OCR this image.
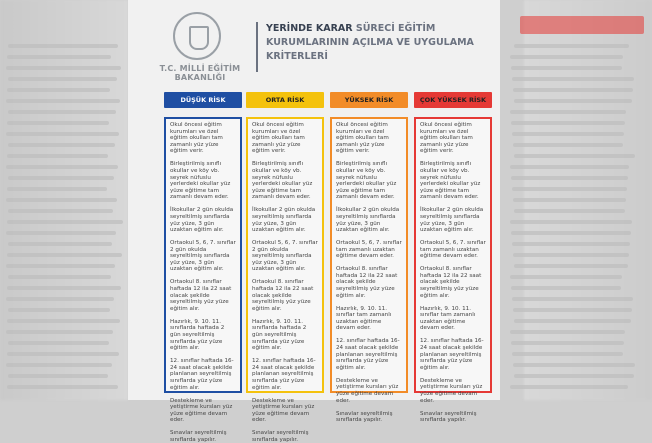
T.C. MİLLİ EĞİTİM BAKANLIĞI
YERİNDE KARAR SÜRECİ EĞİTİM
KURUMLARININ AÇILMA VE UYGULAMA
KRİTERLERİ
DÜŞÜK RİSK
Okul öncesi eğitim kurumları ve özel eğitim okulları tam zamanlı yüz yüze eğitim verir.
Birleştirilmiş sınıflı okullar ve köy vb. seyrek nüfuslu yerlerdeki okullar yüz yüze eğitime tam zamanlı devam eder.
İlkokullar 2 gün okulda seyreltilmiş sınıflarda yüz yüze, 3 gün uzaktan eğitim alır.
Ortaokul 5, 6, 7. sınıflar 2 gün okulda seyreltilmiş sınıflarda yüz yüze, 3 gün uzaktan eğitim alır.
Ortaokul 8. sınıflar haftada 12 ila 22 saat olacak şekilde seyreltilmiş yüz yüze eğitim alır.
Hazırlık, 9. 10. 11. sınıflarda haftada 2 gün seyreltilmiş sınıflarda yüz yüze eğitim alır.
12. sınıflar haftada 16-24 saat olacak şekilde planlanan seyreltilmiş sınıflarda yüz yüze eğitim alır.
Destekleme ve yetiştirme kursları yüz yüze eğitime devam eder.
Sınavlar seyreltilmiş sınıflarda yapılır.
ORTA RİSK
Okul öncesi eğitim kurumları ve özel eğitim okulları tam zamanlı yüz yüze eğitim verir.
Birleştirilmiş sınıflı okullar ve köy vb. seyrek nüfuslu yerlerdeki okullar yüz yüze eğitime tam zamanlı devam eder.
İlkokullar 2 gün okulda seyreltilmiş sınıflarda yüz yüze, 3 gün uzaktan eğitim alır.
Ortaokul 5, 6, 7. sınıflar 2 gün okulda seyreltilmiş sınıflarda yüz yüze, 3 gün uzaktan eğitim alır.
Ortaokul 8. sınıflar haftada 12 ila 22 saat olacak şekilde seyreltilmiş yüz yüze eğitim alır.
Hazırlık, 9. 10. 11. sınıflarda haftada 2 gün seyreltilmiş sınıflarda yüz yüze eğitim alır.
12. sınıflar haftada 16-24 saat olacak şekilde planlanan seyreltilmiş sınıflarda yüz yüze eğitim alır.
Destekleme ve yetiştirme kursları yüz yüze eğitime devam eder.
Sınavlar seyreltilmiş sınıflarda yapılır.
YÜKSEK RİSK
Okul öncesi eğitim kurumları ve özel eğitim okulları tam zamanlı yüz yüze eğitim verir.
Birleştirilmiş sınıflı okullar ve köy vb. seyrek nüfuslu yerlerdeki okullar yüz yüze eğitime tam zamanlı devam eder.
İlkokullar 2 gün okulda seyreltilmiş sınıflarda yüz yüze, 3 gün uzaktan eğitim alır.
Ortaokul 5, 6, 7. sınıflar tam zamanlı uzaktan eğitime devam eder.
Ortaokul 8. sınıflar haftada 12 ila 22 saat olacak şekilde seyreltilmiş yüz yüze eğitim alır.
Hazırlık, 9. 10. 11. sınıflar tam zamanlı uzaktan eğitime devam eder.
12. sınıflar haftada 16-24 saat olacak şekilde planlanan seyreltilmiş sınıflarda yüz yüze eğitim alır.
Destekleme ve yetiştirme kursları yüz yüze eğitime devam eder.
Sınavlar seyreltilmiş sınıflarda yapılır.
ÇOK YÜKSEK RİSK
Okul öncesi eğitim kurumları ve özel eğitim okulları tam zamanlı yüz yüze eğitim verir.
Birleştirilmiş sınıflı okullar ve köy vb. seyrek nüfuslu yerlerdeki okullar yüz yüze eğitime tam zamanlı devam eder.
İlkokullar 2 gün okulda seyreltilmiş sınıflarda yüz yüze, 3 gün uzaktan eğitim alır.
Ortaokul 5, 6, 7. sınıflar tam zamanlı uzaktan eğitime devam eder.
Ortaokul 8. sınıflar haftada 12 ila 22 saat olacak şekilde seyreltilmiş yüz yüze eğitim alır.
Hazırlık, 9. 10. 11. sınıflar tam zamanlı uzaktan eğitime devam eder.
12. sınıflar haftada 16-24 saat olacak şekilde planlanan seyreltilmiş sınıflarda yüz yüze eğitim alır.
Destekleme ve yetiştirme kursları yüz yüze eğitime devam eder.
Sınavlar seyreltilmiş sınıflarda yapılır.
